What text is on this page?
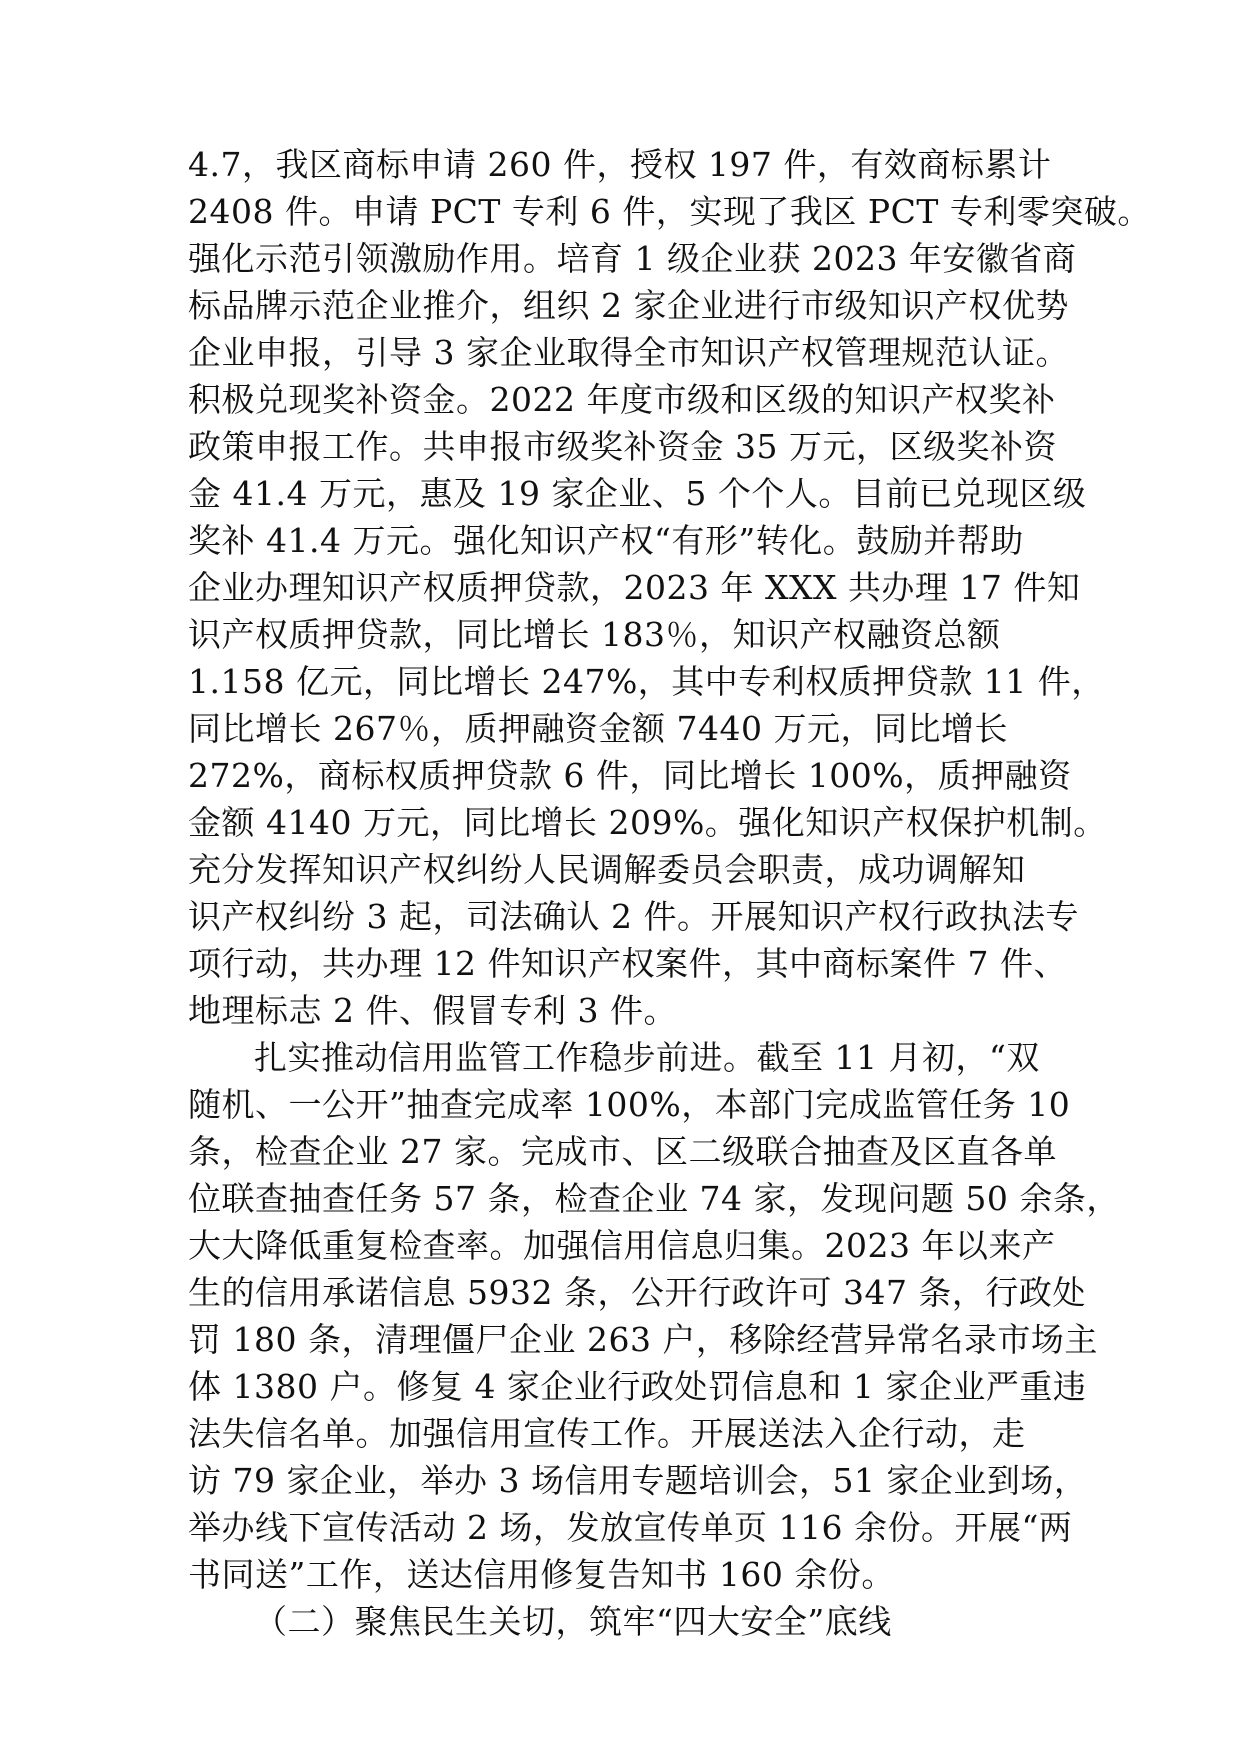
4.7，我区商标申请 260 件，授权 197 件，有效商标累计
2408 件。申请 PCT 专利 6 件，实现了我区 PCT 专利零突破。
强化示范引领激励作用。培育 1 级企业获 2023 年安徽省商
标品牌示范企业推介，组织 2 家企业进行市级知识产权优势
企业申报，引导 3 家企业取得全市知识产权管理规范认证。
积极兑现奖补资金。2022 年度市级和区级的知识产权奖补
政策申报工作。共申报市级奖补资金 35 万元，区级奖补资
金 41.4 万元，惠及 19 家企业、5 个个人。目前已兑现区级
奖补 41.4 万元。强化知识产权“有形”转化。鼓励并帮助
企业办理知识产权质押贷款，2023 年 XXX 共办理 17 件知
识产权质押贷款，同比增长 183％，知识产权融资总额
1.158 亿元，同比增长 247%，其中专利权质押贷款 11 件，
同比增长 267％，质押融资金额 7440 万元，同比增长
272%，商标权质押贷款 6 件，同比增长 100%，质押融资
金额 4140 万元，同比增长 209%。强化知识产权保护机制。
充分发挥知识产权纠纷人民调解委员会职责，成功调解知
识产权纠纷 3 起，司法确认 2 件。开展知识产权行政执法专
项行动，共办理 12 件知识产权案件，其中商标案件 7 件、
地理标志 2 件、假冒专利 3 件。
扎实推动信用监管工作稳步前进。截至 11 月初，“双
随机、一公开”抽查完成率 100%，本部门完成监管任务 10
条，检查企业 27 家。完成市、区二级联合抽查及区直各单
位联查抽查任务 57 条，检查企业 74 家，发现问题 50 余条，
大大降低重复检查率。加强信用信息归集。2023 年以来产
生的信用承诺信息 5932 条，公开行政许可 347 条，行政处
罚 180 条，清理僵尸企业 263 户，移除经营异常名录市场主
体 1380 户。修复 4 家企业行政处罚信息和 1 家企业严重违
法失信名单。加强信用宣传工作。开展送法入企行动，走
访 79 家企业，举办 3 场信用专题培训会，51 家企业到场，
举办线下宣传活动 2 场，发放宣传单页 116 余份。开展“两
书同送”工作，送达信用修复告知书 160 余份。
（二）聚焦民生关切，筑牢“四大安全”底线
